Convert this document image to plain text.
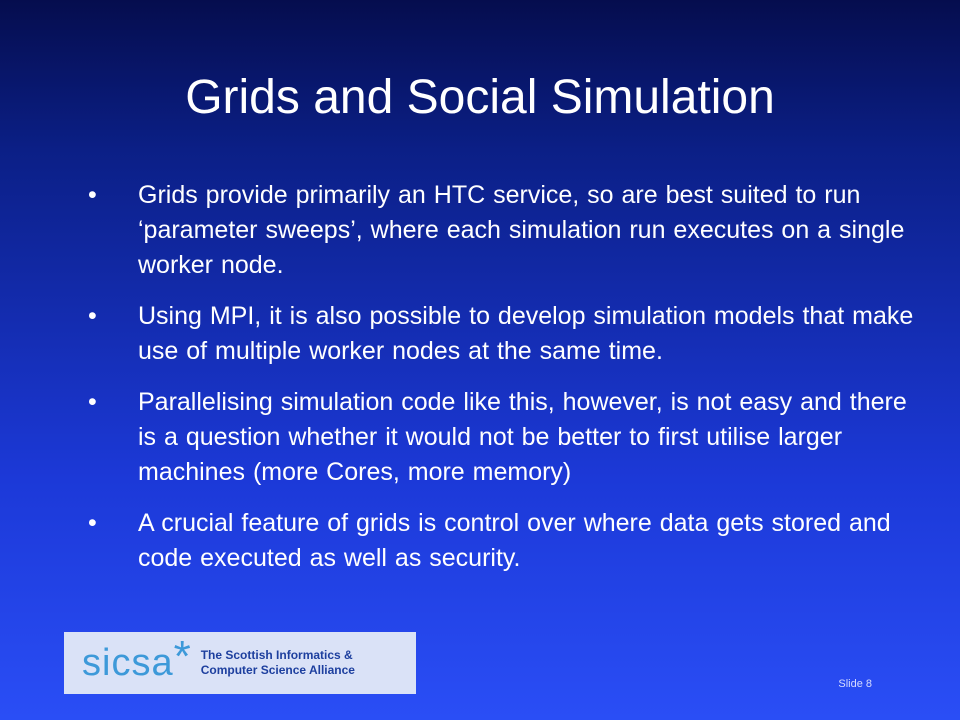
Grids and Social Simulation
•	Grids provide primarily an HTC service, so are best suited to run ‘parameter sweeps’, where each simulation run executes on a single worker node.
•	Using MPI, it is also possible to develop simulation models that make use of multiple worker nodes at the same time.
•	Parallelising simulation code like this, however, is not easy and there is a question whether it would not be better to first utilise larger machines (more Cores, more memory)
•	A crucial feature of grids is control over where data gets stored and code executed as well as security.
sicsa * The Scottish Informatics &
Computer Science Alliance
Slide 8
